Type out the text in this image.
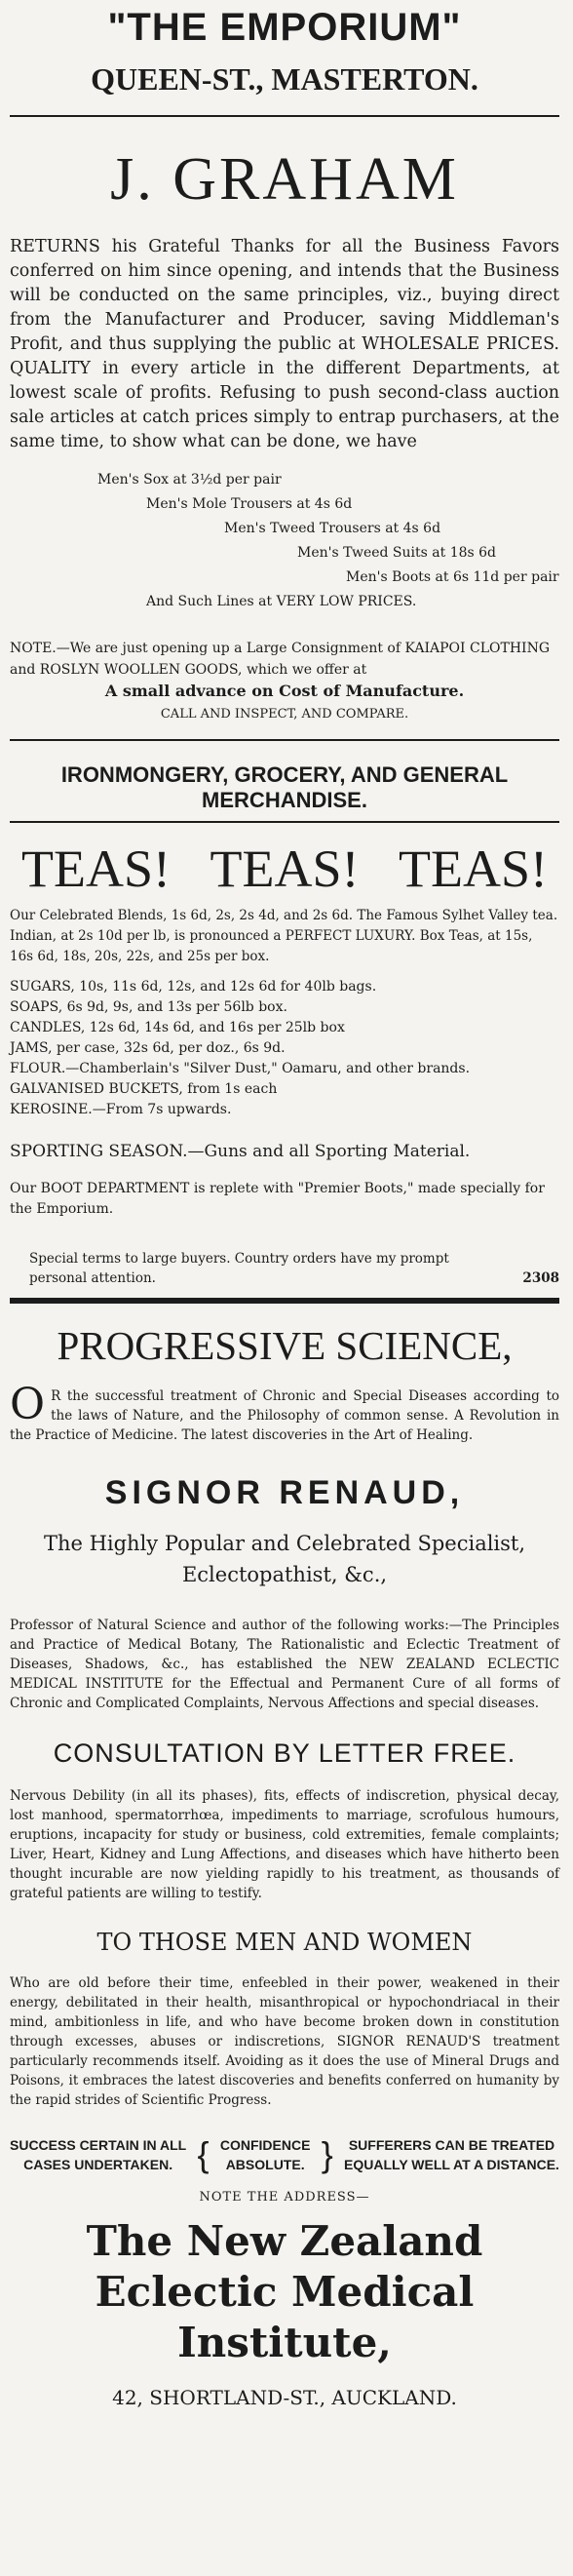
"THE EMPORIUM"
QUEEN-ST., MASTERTON.
J. GRAHAM

RETURNS his Grateful Thanks for all the Business Favors conferred on him since opening, and intends that the Business will be conducted on the same principles, viz., buying direct from the Manufacturer and Producer, saving Middleman's Profit, and thus supplying the public at WHOLESALE PRICES. QUALITY in every article in the different Departments, at lowest scale of profits. Refusing to push second-class auction sale articles at catch prices simply to entrap purchasers, at the same time, to show what can be done, we have

Men's Sox at 3½d per pair
Men's Mole Trousers at 4s 6d
Men's Tweed Trousers at 4s 6d
Men's Tweed Suits at 18s 6d
Men's Boots at 6s 11d per pair
And Such Lines at VERY LOW PRICES.
NOTE.—We are just opening up a Large Consignment of KAIAPOI CLOTHING and ROSLYN WOOLLEN GOODS, which we offer at
A small advance on Cost of Manufacture.
CALL AND INSPECT, AND COMPARE.
IRONMONGERY, GROCERY, AND GENERAL MERCHANDISE.
TEAS! TEAS! TEAS!

Our Celebrated Blends, 1s 6d, 2s, 2s 4d, and 2s 6d. The Famous Sylhet Valley tea. Indian, at 2s 10d per lb, is pronounced a PERFECT LUXURY. Box Teas, at 15s, 16s 6d, 18s, 20s, 22s, and 25s per box.

SUGARS, 10s, 11s 6d, 12s, and 12s 6d for 40lb bags.
SOAPS, 6s 9d, 9s, and 13s per 56lb box.
CANDLES, 12s 6d, 14s 6d, and 16s per 25lb box
JAMS, per case, 32s 6d, per doz., 6s 9d.
FLOUR.—Chamberlain's "Silver Dust," Oamaru, and other brands.
GALVANISED BUCKETS, from 1s each
KEROSINE.—From 7s upwards.
SPORTING SEASON.—Guns and all Sporting Material.
Our BOOT DEPARTMENT is replete with "Premier Boots," made specially for the Emporium.
Special terms to large buyers. Country orders have my prompt personal attention.	2308
PROGRESSIVE SCIENCE,
O R the successful treatment of Chronic and Special Diseases according to the laws of Nature, and the Philosophy of common sense. A Revolution in the Practice of Medicine. The latest discoveries in the Art of Healing.
SIGNOR RENAUD,
The Highly Popular and Celebrated Specialist,
Eclectopathist, &c.,

Professor of Natural Science and author of the following works:—The Principles and Practice of Medical Botany, The Rationalistic and Eclectic Treatment of Diseases, Shadows, &c., has established the NEW ZEALAND ECLECTIC MEDICAL INSTITUTE for the Effectual and Permanent Cure of all forms of Chronic and Complicated Complaints, Nervous Affections and special diseases.

CONSULTATION BY LETTER FREE.

Nervous Debility (in all its phases), fits, effects of indiscretion, physical decay, lost manhood, spermatorrhœa, impediments to marriage, scrofulous humours, eruptions, incapacity for study or business, cold extremities, female complaints; Liver, Heart, Kidney and Lung Affections, and diseases which have hitherto been thought incurable are now yielding rapidly to his treatment, as thousands of grateful patients are willing to testify.

TO THOSE MEN AND WOMEN

Who are old before their time, enfeebled in their power, weakened in their energy, debilitated in their health, misanthropical or hypochondriacal in their mind, ambitionless in life, and who have become broken down in constitution through excesses, abuses or indiscretions, SIGNOR RENAUD'S treatment particularly recommends itself. Avoiding as it does the use of Mineral Drugs and Poisons, it embraces the latest discoveries and benefits conferred on humanity by the rapid strides of Scientific Progress.

SUCCESS CERTAIN IN ALL
CASES UNDERTAKEN. { CONFIDENCE
ABSOLUTE. }	SUFFERERS CAN BE TREATED
EQUALLY WELL AT A DISTANCE.
NOTE THE ADDRESS—
The New Zealand Eclectic Medical
Institute,
42, SHORTLAND-ST., AUCKLAND.
